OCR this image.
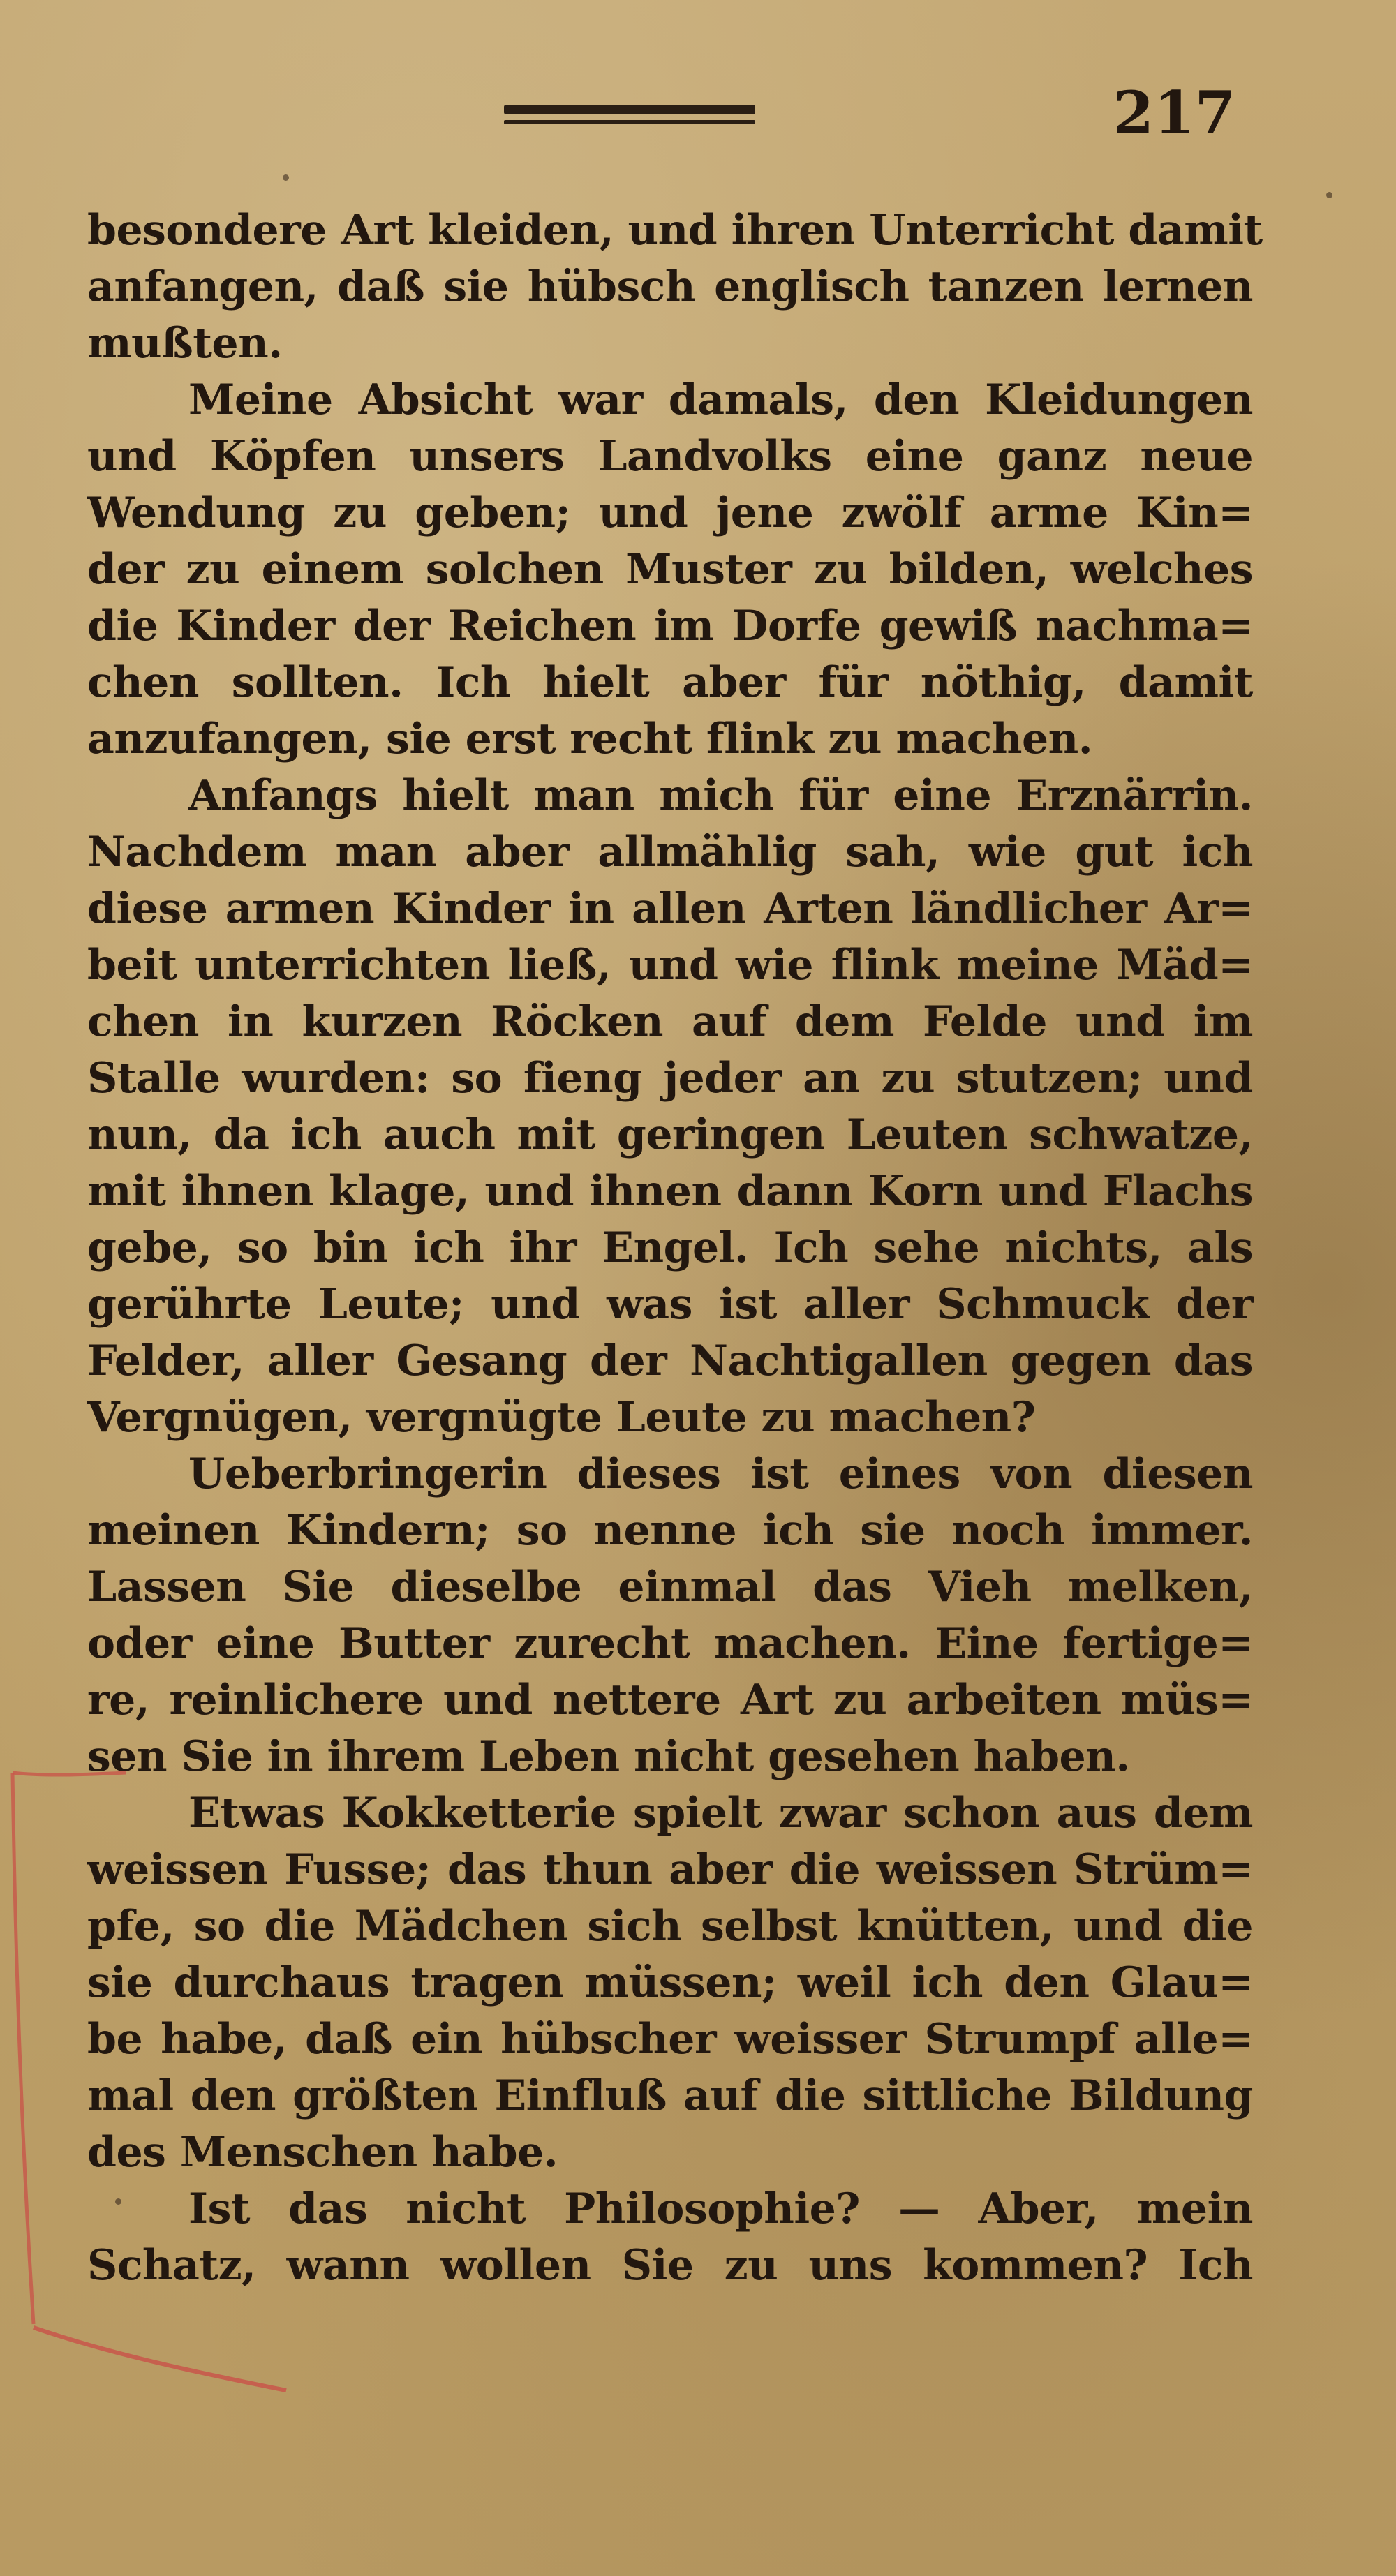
217
besondere Art kleiden, und ihren Unterricht damit
anfangen, daß sie hübsch englisch tanzen lernen
mußten.
Meine Absicht war damals, den Kleidungen
und Köpfen unsers Landvolks eine ganz neue
Wendung zu geben; und jene zwölf arme Kin=
der zu einem solchen Muster zu bilden, welches
die Kinder der Reichen im Dorfe gewiß nachma=
chen sollten. Ich hielt aber für nöthig, damit
anzufangen, sie erst recht flink zu machen.
Anfangs hielt man mich für eine Erznärrin.
Nachdem man aber allmählig sah, wie gut ich
diese armen Kinder in allen Arten ländlicher Ar=
beit unterrichten ließ, und wie flink meine Mäd=
chen in kurzen Röcken auf dem Felde und im
Stalle wurden: so fieng jeder an zu stutzen; und
nun, da ich auch mit geringen Leuten schwatze,
mit ihnen klage, und ihnen dann Korn und Flachs
gebe, so bin ich ihr Engel. Ich sehe nichts, als
gerührte Leute; und was ist aller Schmuck der
Felder, aller Gesang der Nachtigallen gegen das
Vergnügen, vergnügte Leute zu machen?
Ueberbringerin dieses ist eines von diesen
meinen Kindern; so nenne ich sie noch immer.
Lassen Sie dieselbe einmal das Vieh melken,
oder eine Butter zurecht machen. Eine fertige=
re, reinlichere und nettere Art zu arbeiten müs=
sen Sie in ihrem Leben nicht gesehen haben.
Etwas Kokketterie spielt zwar schon aus dem
weissen Fusse; das thun aber die weissen Strüm=
pfe, so die Mädchen sich selbst knütten, und die
sie durchaus tragen müssen; weil ich den Glau=
be habe, daß ein hübscher weisser Strumpf alle=
mal den größten Einfluß auf die sittliche Bildung
des Menschen habe.
Ist das nicht Philosophie? — Aber, mein
Schatz, wann wollen Sie zu uns kommen? Ich
